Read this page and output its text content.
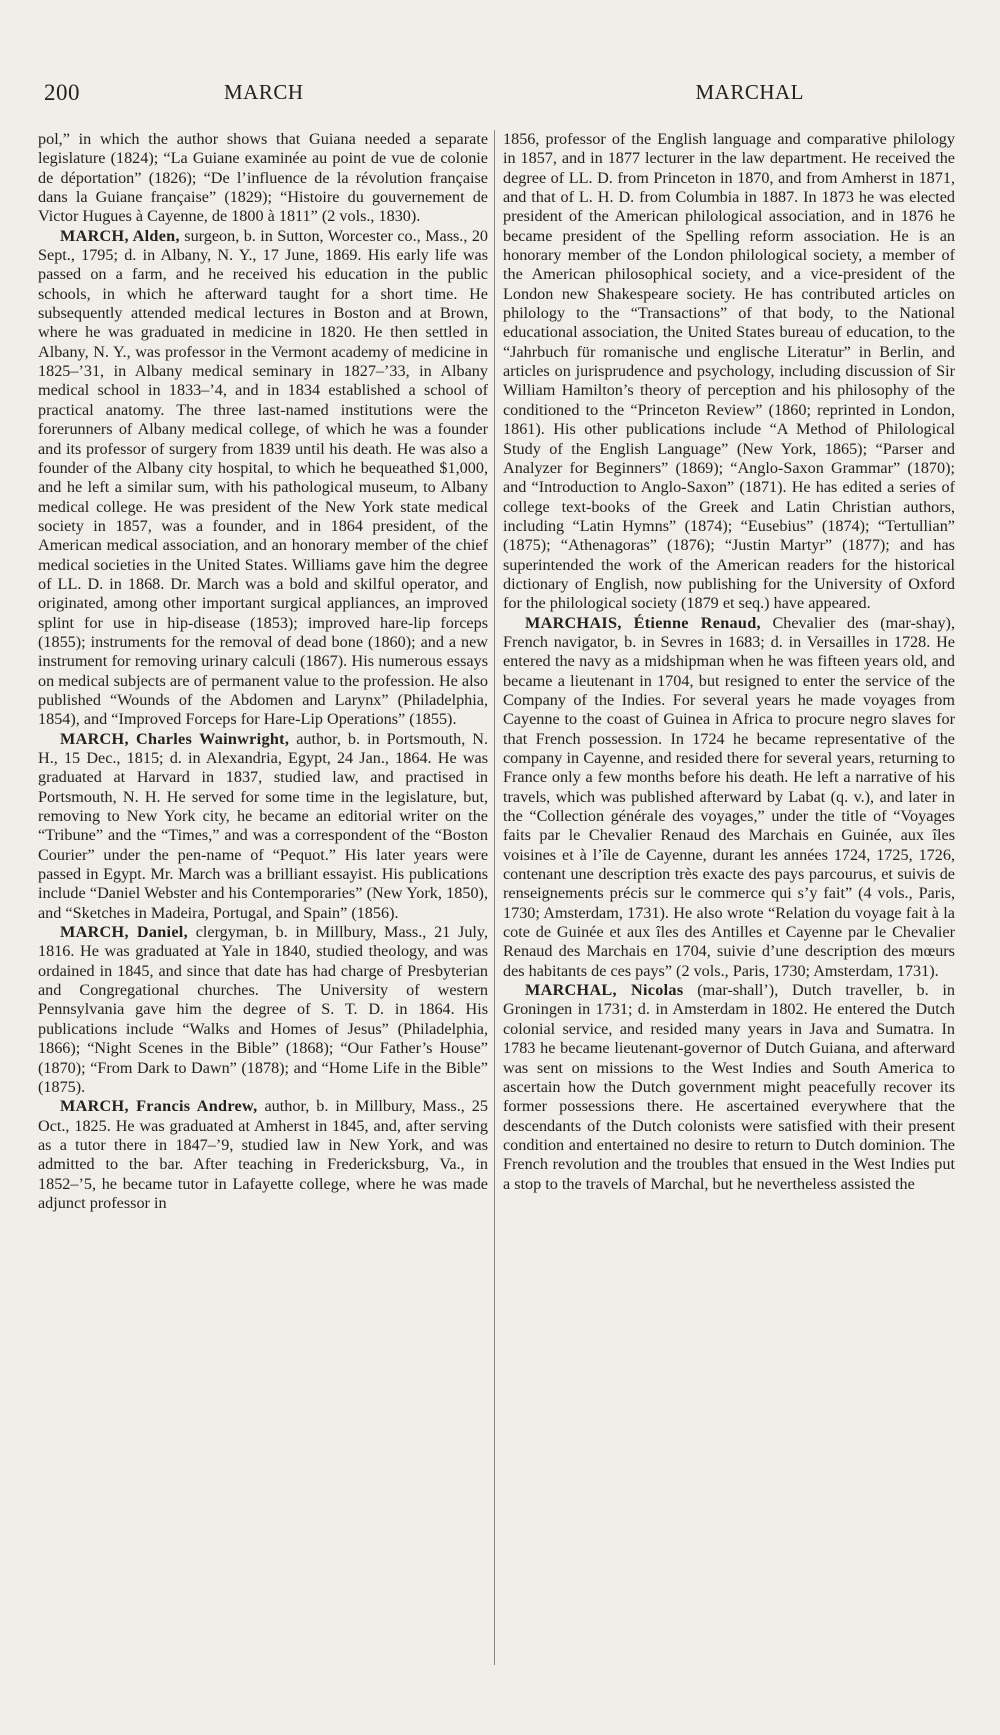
200	MARCH	MARCHAL

pol,” in which the author shows that Guiana needed a separate legislature (1824); “La Guiane examinée au point de vue de colonie de déportation” (1826); “De l’influence de la révolution française dans la Guiane française” (1829); “Histoire du gouvernement de Victor Hugues à Cayenne, de 1800 à 1811” (2 vols., 1830).

MARCH, Alden, surgeon, b. in Sutton, Worcester co., Mass., 20 Sept., 1795; d. in Albany, N. Y., 17 June, 1869. His early life was passed on a farm, and he received his education in the public schools, in which he afterward taught for a short time. He subsequently attended medical lectures in Boston and at Brown, where he was graduated in medicine in 1820. He then settled in Albany, N. Y., was professor in the Vermont academy of medicine in 1825–’31, in Albany medical seminary in 1827–’33, in Albany medical school in 1833–’4, and in 1834 established a school of practical anatomy. The three last-named institutions were the forerunners of Albany medical college, of which he was a founder and its professor of surgery from 1839 until his death. He was also a founder of the Albany city hospital, to which he bequeathed $1,000, and he left a similar sum, with his pathological museum, to Albany medical college. He was president of the New York state medical society in 1857, was a founder, and in 1864 president, of the American medical association, and an honorary member of the chief medical societies in the United States. Williams gave him the degree of LL. D. in 1868. Dr. March was a bold and skilful operator, and originated, among other important surgical appliances, an improved splint for use in hip-disease (1853); improved hare-lip forceps (1855); instruments for the removal of dead bone (1860); and a new instrument for removing urinary calculi (1867). His numerous essays on medical subjects are of permanent value to the profession. He also published “Wounds of the Abdomen and Larynx” (Philadelphia, 1854), and “Improved Forceps for Hare-Lip Operations” (1855).

MARCH, Charles Wainwright, author, b. in Portsmouth, N. H., 15 Dec., 1815; d. in Alexandria, Egypt, 24 Jan., 1864. He was graduated at Harvard in 1837, studied law, and practised in Portsmouth, N. H. He served for some time in the legislature, but, removing to New York city, he became an editorial writer on the “Tribune” and the “Times,” and was a correspondent of the “Boston Courier” under the pen-name of “Pequot.” His later years were passed in Egypt. Mr. March was a brilliant essayist. His publications include “Daniel Webster and his Contemporaries” (New York, 1850), and “Sketches in Madeira, Portugal, and Spain” (1856).

MARCH, Daniel, clergyman, b. in Millbury, Mass., 21 July, 1816. He was graduated at Yale in 1840, studied theology, and was ordained in 1845, and since that date has had charge of Presbyterian and Congregational churches. The University of western Pennsylvania gave him the degree of S. T. D. in 1864. His publications include “Walks and Homes of Jesus” (Philadelphia, 1866); “Night Scenes in the Bible” (1868); “Our Father’s House” (1870); “From Dark to Dawn” (1878); and “Home Life in the Bible” (1875).

MARCH, Francis Andrew, author, b. in Millbury, Mass., 25 Oct., 1825. He was graduated at Amherst in 1845, and, after serving as a tutor there in 1847–’9, studied law in New York, and was admitted to the bar. After teaching in Fredericksburg, Va., in 1852–’5, he became tutor in Lafayette college, where he was made adjunct professor in

1856, professor of the English language and comparative philology in 1857, and in 1877 lecturer in the law department. He received the degree of LL. D. from Princeton in 1870, and from Amherst in 1871, and that of L. H. D. from Columbia in 1887. In 1873 he was elected president of the American philological association, and in 1876 he became president of the Spelling reform association. He is an honorary member of the London philological society, a member of the American philosophical society, and a vice-president of the London new Shakespeare society. He has contributed articles on philology to the “Transactions” of that body, to the National educational association, the United States bureau of education, to the “Jahrbuch für romanische und englische Literatur” in Berlin, and articles on jurisprudence and psychology, including discussion of Sir William Hamilton’s theory of perception and his philosophy of the conditioned to the “Princeton Review” (1860; reprinted in London, 1861). His other publications include “A Method of Philological Study of the English Language” (New York, 1865); “Parser and Analyzer for Beginners” (1869); “Anglo-Saxon Grammar” (1870); and “Introduction to Anglo-Saxon” (1871). He has edited a series of college text-books of the Greek and Latin Christian authors, including “Latin Hymns” (1874); “Eusebius” (1874); “Tertullian” (1875); “Athenagoras” (1876); “Justin Martyr” (1877); and has superintended the work of the American readers for the historical dictionary of English, now publishing for the University of Oxford for the philological society (1879 et seq.) have appeared.

MARCHAIS, Étienne Renaud, Chevalier des (mar-shay), French navigator, b. in Sevres in 1683; d. in Versailles in 1728. He entered the navy as a midshipman when he was fifteen years old, and became a lieutenant in 1704, but resigned to enter the service of the Company of the Indies. For several years he made voyages from Cayenne to the coast of Guinea in Africa to procure negro slaves for that French possession. In 1724 he became representative of the company in Cayenne, and resided there for several years, returning to France only a few months before his death. He left a narrative of his travels, which was published afterward by Labat (q. v.), and later in the “Collection générale des voyages,” under the title of “Voyages faits par le Chevalier Renaud des Marchais en Guinée, aux îles voisines et à l’île de Cayenne, durant les années 1724, 1725, 1726, contenant une description très exacte des pays parcourus, et suivis de renseignements précis sur le commerce qui s’y fait” (4 vols., Paris, 1730; Amsterdam, 1731). He also wrote “Relation du voyage fait à la cote de Guinée et aux îles des Antilles et Cayenne par le Chevalier Renaud des Marchais en 1704, suivie d’une description des mœurs des habitants de ces pays” (2 vols., Paris, 1730; Amsterdam, 1731).

MARCHAL, Nicolas (mar-shall’), Dutch traveller, b. in Groningen in 1731; d. in Amsterdam in 1802. He entered the Dutch colonial service, and resided many years in Java and Sumatra. In 1783 he became lieutenant-governor of Dutch Guiana, and afterward was sent on missions to the West Indies and South America to ascertain how the Dutch government might peacefully recover its former possessions there. He ascertained everywhere that the descendants of the Dutch colonists were satisfied with their present condition and entertained no desire to return to Dutch dominion. The French revolution and the troubles that ensued in the West Indies put a stop to the travels of Marchal, but he nevertheless assisted the
